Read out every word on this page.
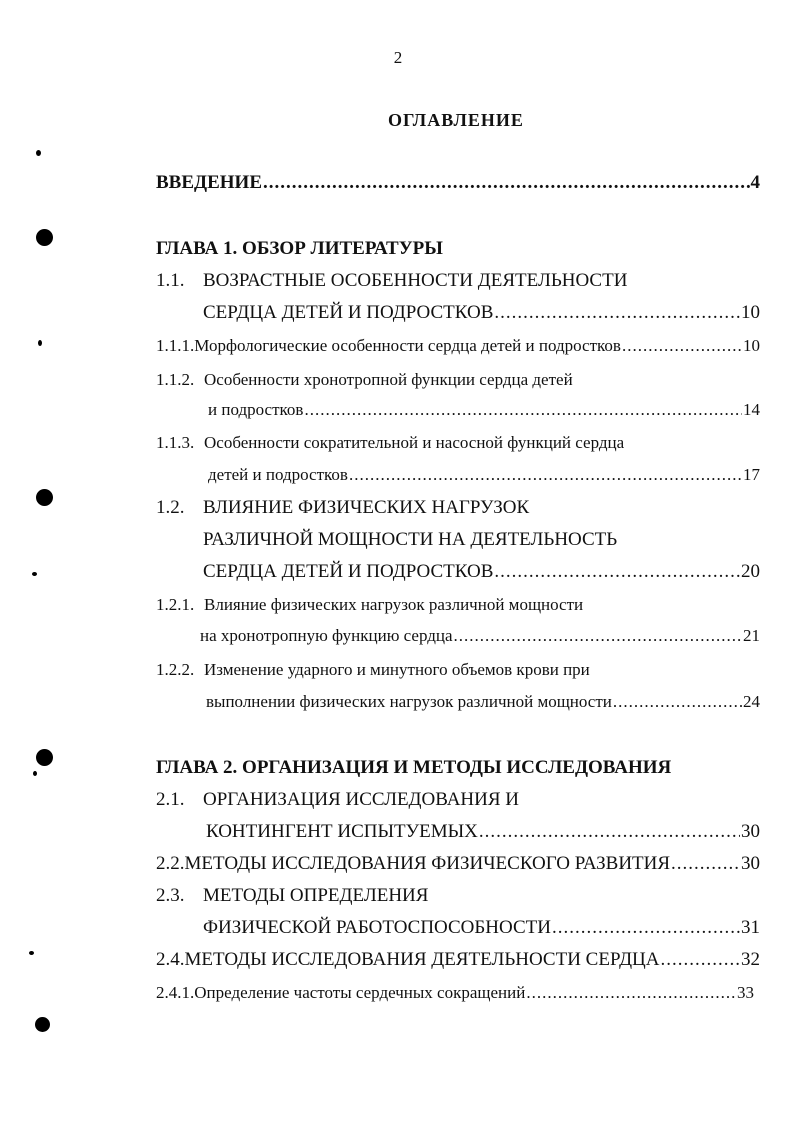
2
ОГЛАВЛЕНИЕ
ВВЕДЕНИЕ .....	4
ГЛАВА 1. ОБЗОР ЛИТЕРАТУРЫ
1.1. ВОЗРАСТНЫЕ ОСОБЕННОСТИ ДЕЯТЕЛЬНОСТИ
СЕРДЦА ДЕТЕЙ И ПОДРОСТКОВ .....	10
1.1.1. Морфологические особенности сердца детей и подростков .....	10
1.1.2. Особенности хронотропной функции сердца детей
и подростков .....	14
1.1.3. Особенности сократительной и насосной функций сердца
детей и подростков .....	17
1.2. ВЛИЯНИЕ ФИЗИЧЕСКИХ НАГРУЗОК
РАЗЛИЧНОЙ МОЩНОСТИ НА ДЕЯТЕЛЬНОСТЬ
СЕРДЦА ДЕТЕЙ И ПОДРОСТКОВ .....	20
1.2.1. Влияние физических нагрузок различной мощности
на хронотропную функцию сердца .....	21
1.2.2. Изменение ударного и минутного объемов крови при
выполнении физических нагрузок различной мощности .....	24
ГЛАВА 2. ОРГАНИЗАЦИЯ И МЕТОДЫ ИССЛЕДОВАНИЯ
2.1. ОРГАНИЗАЦИЯ ИССЛЕДОВАНИЯ И
КОНТИНГЕНТ ИСПЫТУЕМЫХ .....	30
2.2. МЕТОДЫ ИССЛЕДОВАНИЯ ФИЗИЧЕСКОГО РАЗВИТИЯ .....	30
2.3. МЕТОДЫ ОПРЕДЕЛЕНИЯ
ФИЗИЧЕСКОЙ РАБОТОСПОСОБНОСТИ .....	31
2.4. МЕТОДЫ ИССЛЕДОВАНИЯ ДЕЯТЕЛЬНОСТИ СЕРДЦА .....	32
2.4.1. Определение частоты сердечных сокращений .....	33
